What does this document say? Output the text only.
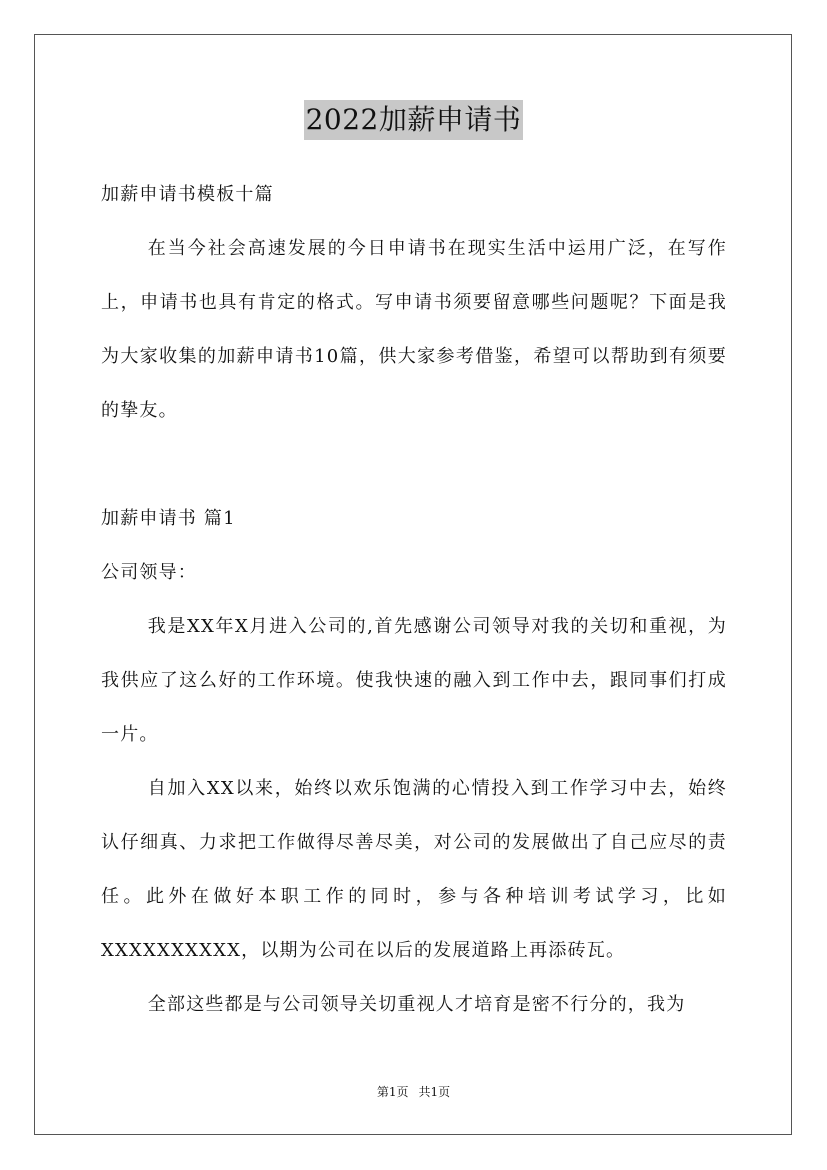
2022加薪申请书

加薪申请书模板十篇

在当今社会高速发展的今日申请书在现实生活中运用广泛，在写作上，申请书也具有肯定的格式。写申请书须要留意哪些问题呢？下面是我为大家收集的加薪申请书10篇，供大家参考借鉴，希望可以帮助到有须要的挚友。

加薪申请书 篇1

公司领导：

我是XX年X月进入公司的,首先感谢公司领导对我的关切和重视，为我供应了这么好的工作环境。使我快速的融入到工作中去，跟同事们打成一片。

自加入XX以来，始终以欢乐饱满的心情投入到工作学习中去，始终认仔细真、力求把工作做得尽善尽美，对公司的发展做出了自己应尽的责任。此外在做好本职工作的同时，参与各种培训考试学习，比如XXXXXXXXXX，以期为公司在以后的发展道路上再添砖瓦。

全部这些都是与公司领导关切重视人才培育是密不行分的，我为

第1页 共1页
